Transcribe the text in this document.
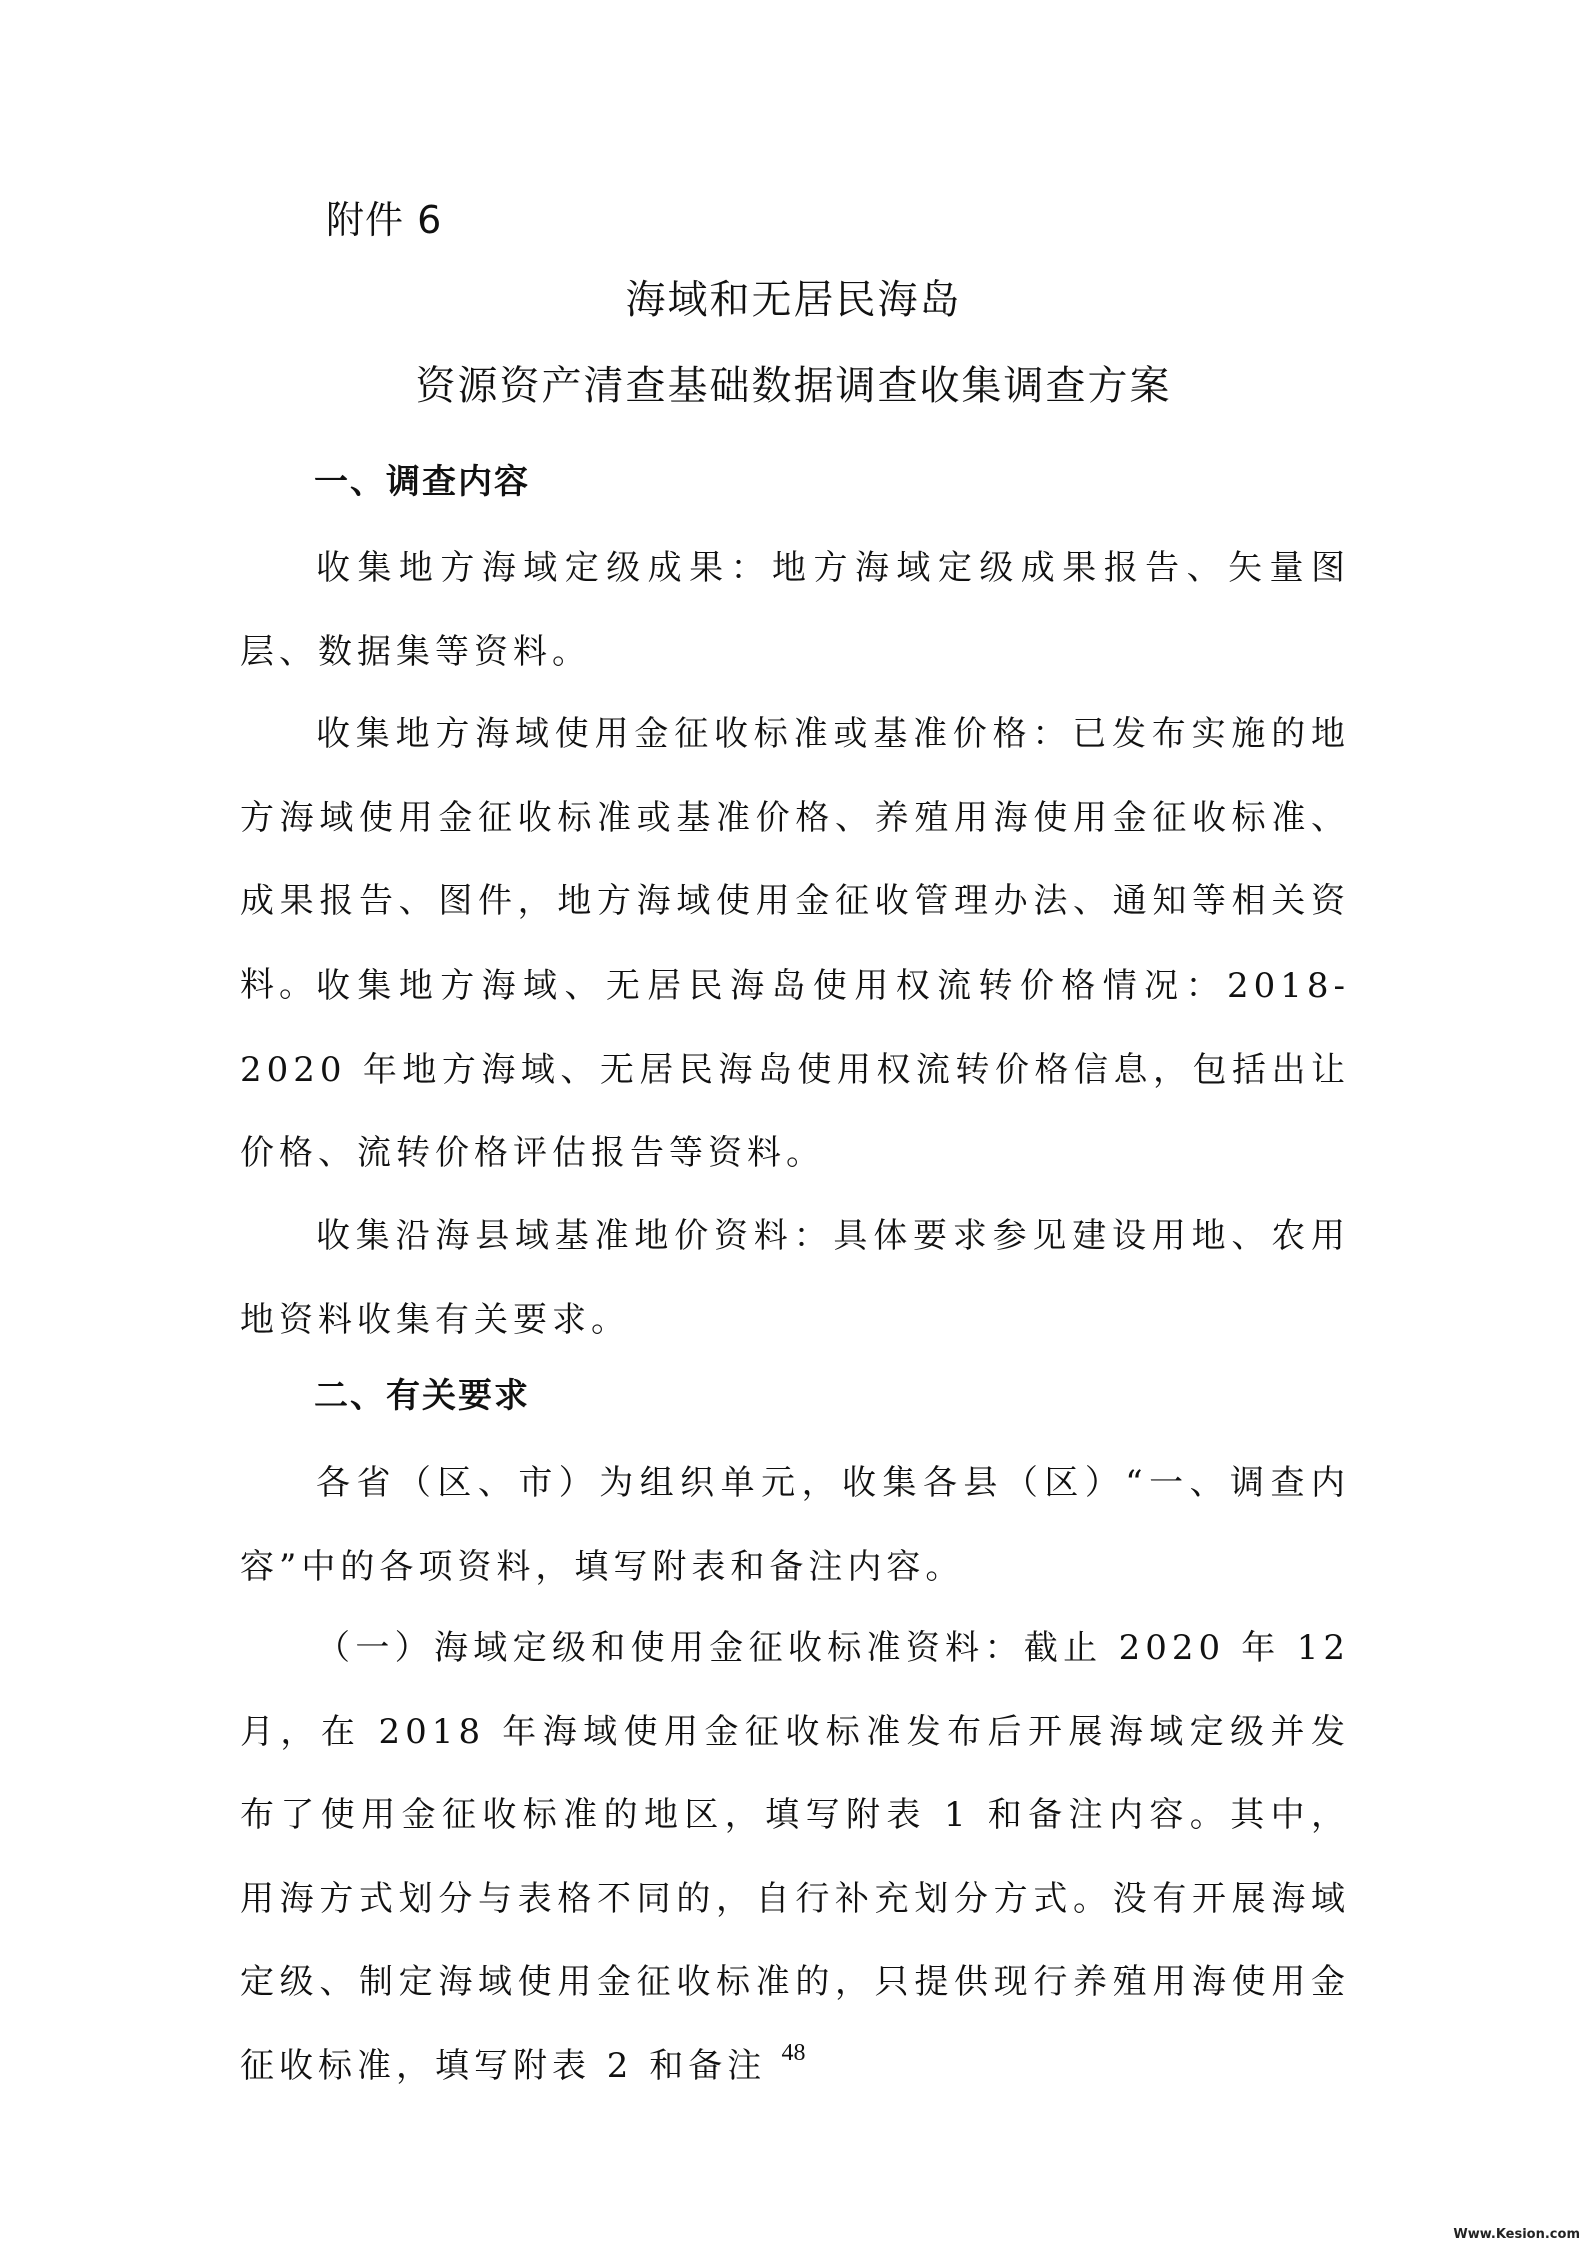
附件 6
海域和无居民海岛
资源资产清查基础数据调查收集调查方案
一、调查内容

收集地方海域定级成果：地方海域定级成果报告、矢量图层、数据集等资料。

收集地方海域使用金征收标准或基准价格：已发布实施的地方海域使用金征收标准或基准价格、养殖用海使用金征收标准、成果报告、图件，地方海域使用金征收管理办法、通知等相关资料。

收集地方海域、无居民海岛使用权流转价格情况：2018-2020 年地方海域、无居民海岛使用权流转价格信息，包括出让价格、流转价格评估报告等资料。

收集沿海县域基准地价资料：具体要求参见建设用地、农用地资料收集有关要求。

二、有关要求

各省（区、市）为组织单元，收集各县（区）“一、调查内容”中的各项资料，填写附表和备注内容。

（一）海域定级和使用金征收标准资料：截止 2020 年 12 月，在 2018 年海域使用金征收标准发布后开展海域定级并发布了使用金征收标准的地区，填写附表 1 和备注内容。其中，用海方式划分与表格不同的，自行补充划分方式。没有开展海域定级、制定海域使用金征收标准的，只提供现行养殖用海使用金征收标准，填写附表 2 和备注 48
Www.Kesion.com
